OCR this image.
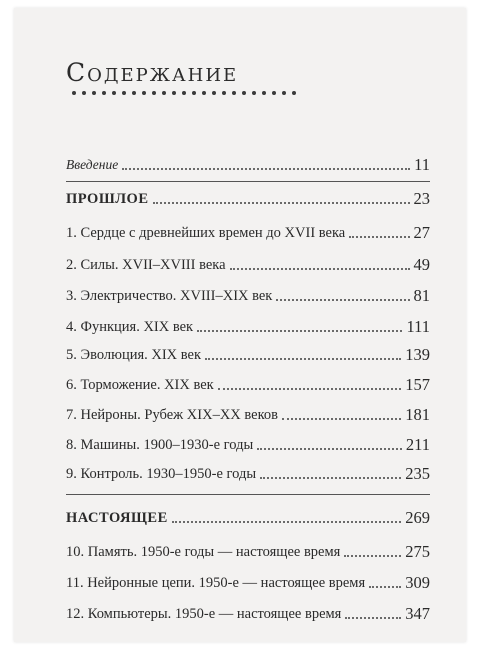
Содержание
Введение	11
ПРОШЛОЕ	23
1. Сердце с древнейших времен до XVII века	27
2. Силы. XVII–XVIII века	49
3. Электричество. XVIII–XIX век	81
4. Функция. XIX век	111
5. Эволюция. XIX век	139
6. Торможение. XIX век	157
7. Нейроны. Рубеж XIX–XX веков	181
8. Машины. 1900–1930-е годы	211
9. Контроль. 1930–1950-е годы	235
НАСТОЯЩЕЕ	269
10. Память. 1950-е годы — настоящее время	275
11. Нейронные цепи. 1950-е — настоящее время 309
12. Компьютеры. 1950-е — настоящее время	347
